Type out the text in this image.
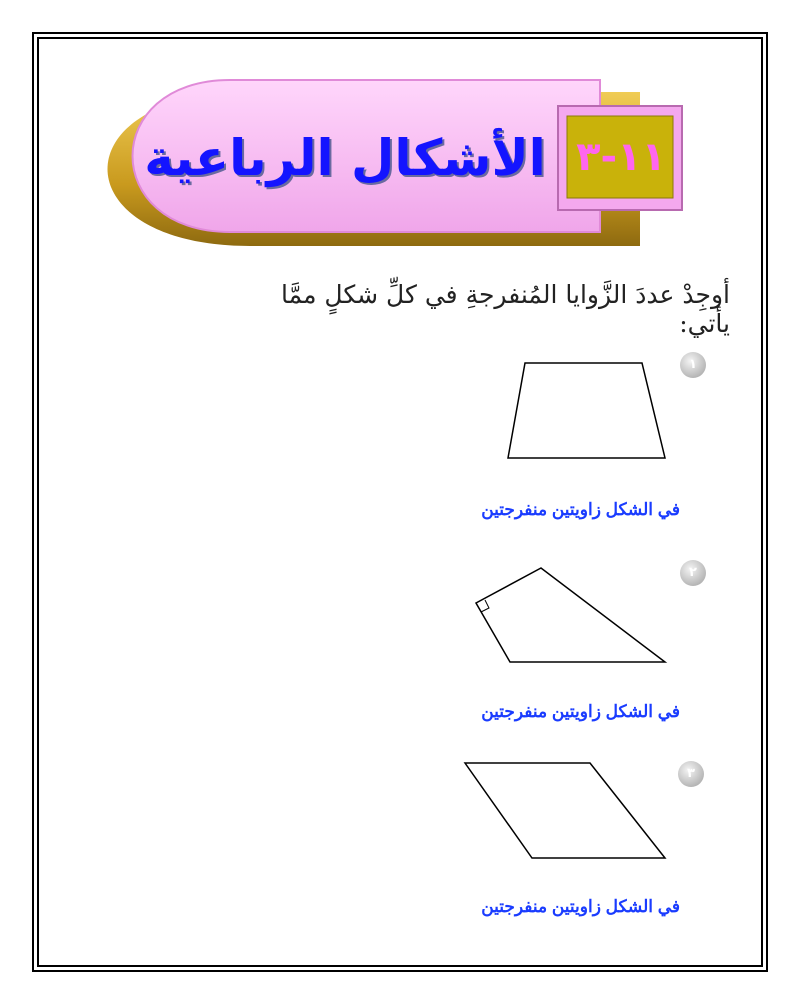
١١-٣
الأشكال الرباعية
أوجِدْ عددَ الزَّوايا المُنفرجةِ في كلِّ شكلٍ ممَّا يأتي:
١
٢
٣
في الشكل زاويتين منفرجتين
في الشكل زاويتين منفرجتين
في الشكل زاويتين منفرجتين
